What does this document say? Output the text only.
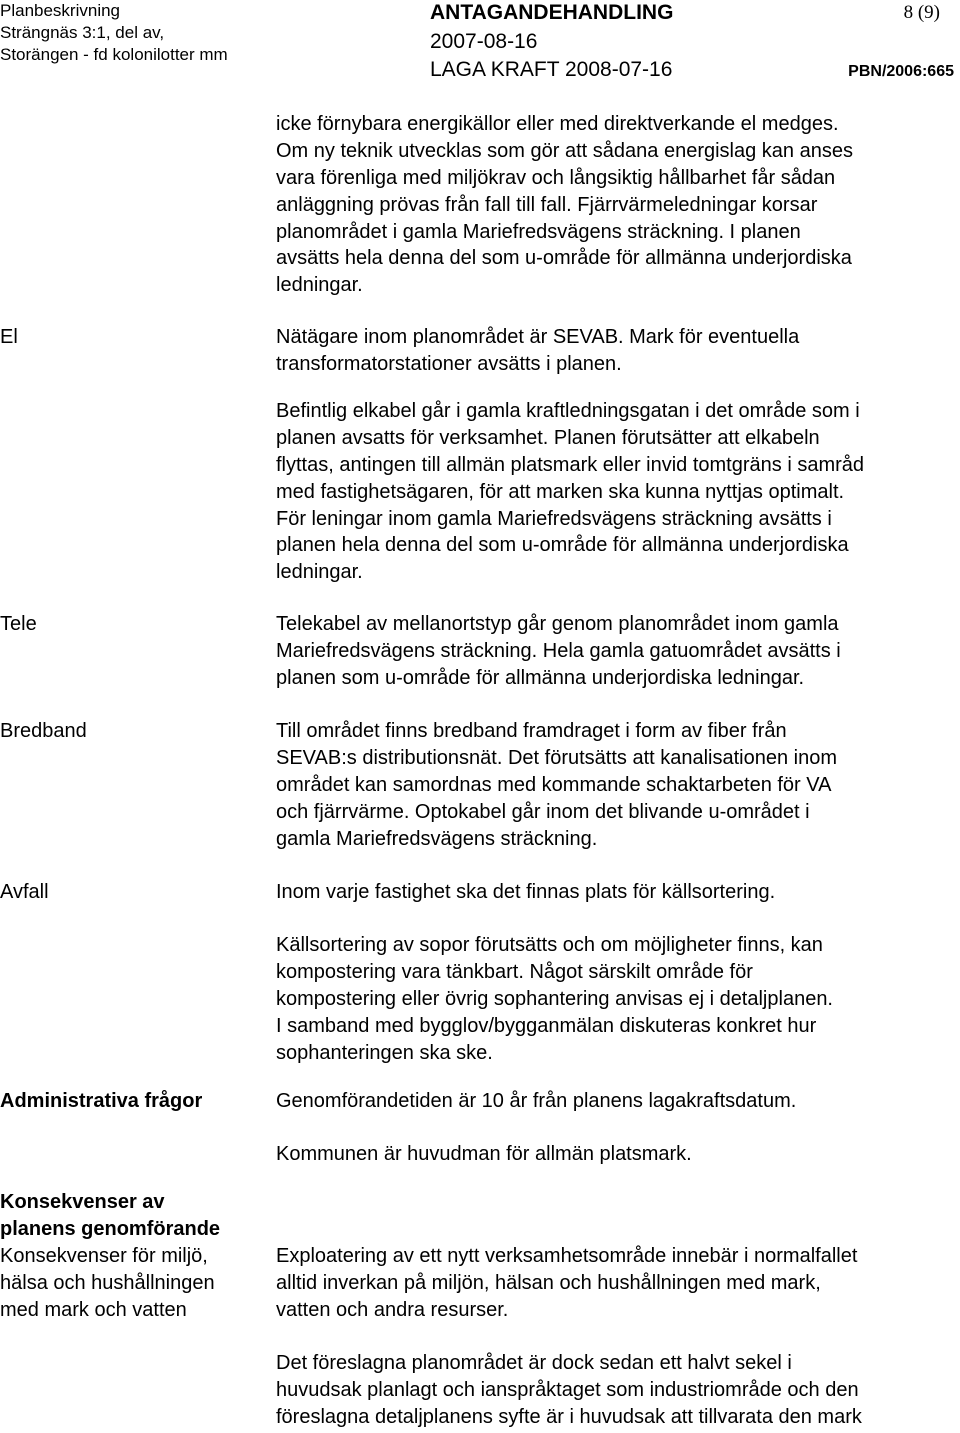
Planbeskrivning
Strängnäs 3:1, del av,
Storängen - fd kolonilotter mm
ANTAGANDEHANDLING
2007-08-16
LAGA KRAFT 2008-07-16	PBN/2006:665
8 (9)
El
Tele
Bredband
Avfall
Administrativa frågor
Konsekvenser av
planens genomförande
Konsekvenser för miljö,
hälsa och hushållningen
med mark och vatten
icke förnybara energikällor eller med direktverkande el medges.
Om ny teknik utvecklas som gör att sådana energislag kan anses
vara förenliga med miljökrav och långsiktig hållbarhet får sådan
anläggning prövas från fall till fall. Fjärrvärmeledningar korsar
planområdet i gamla Mariefredsvägens sträckning. I planen
avsätts hela denna del som u-område för allmänna underjordiska
ledningar.
Nätägare inom planområdet är SEVAB. Mark för eventuella
transformatorstationer avsätts i planen.
Befintlig elkabel går i gamla kraftledningsgatan i det område som i
planen avsatts för verksamhet. Planen förutsätter att elkabeln
flyttas, antingen till allmän platsmark eller invid tomtgräns i samråd
med fastighetsägaren, för att marken ska kunna nyttjas optimalt.
För leningar inom gamla Mariefredsvägens sträckning avsätts i
planen hela denna del som u-område för allmänna underjordiska
ledningar.
Telekabel av mellanortstyp går genom planområdet inom gamla
Mariefredsvägens sträckning. Hela gamla gatuområdet avsätts i
planen som u-område för allmänna underjordiska ledningar.
Till området finns bredband framdraget i form av fiber från
SEVAB:s distributionsnät. Det förutsätts att kanalisationen inom
området kan samordnas med kommande schaktarbeten för VA
och fjärrvärme. Optokabel går inom det blivande u-området i
gamla Mariefredsvägens sträckning.
Inom varje fastighet ska det finnas plats för källsortering.
Källsortering av sopor förutsätts och om möjligheter finns, kan
kompostering vara tänkbart. Något särskilt område för
kompostering eller övrig sophantering anvisas ej i detaljplanen.
I samband med bygglov/bygganmälan diskuteras konkret hur
sophanteringen ska ske.
Genomförandetiden är 10 år från planens lagakraftsdatum.
Kommunen är huvudman för allmän platsmark.
Exploatering av ett nytt verksamhetsområde innebär i normalfallet
alltid inverkan på miljön, hälsan och hushållningen med mark,
vatten och andra resurser.
Det föreslagna planområdet är dock sedan ett halvt sekel i
huvudsak planlagt och ianspråktaget som industriområde och den
föreslagna detaljplanens syfte är i huvudsak att tillvarata den mark
